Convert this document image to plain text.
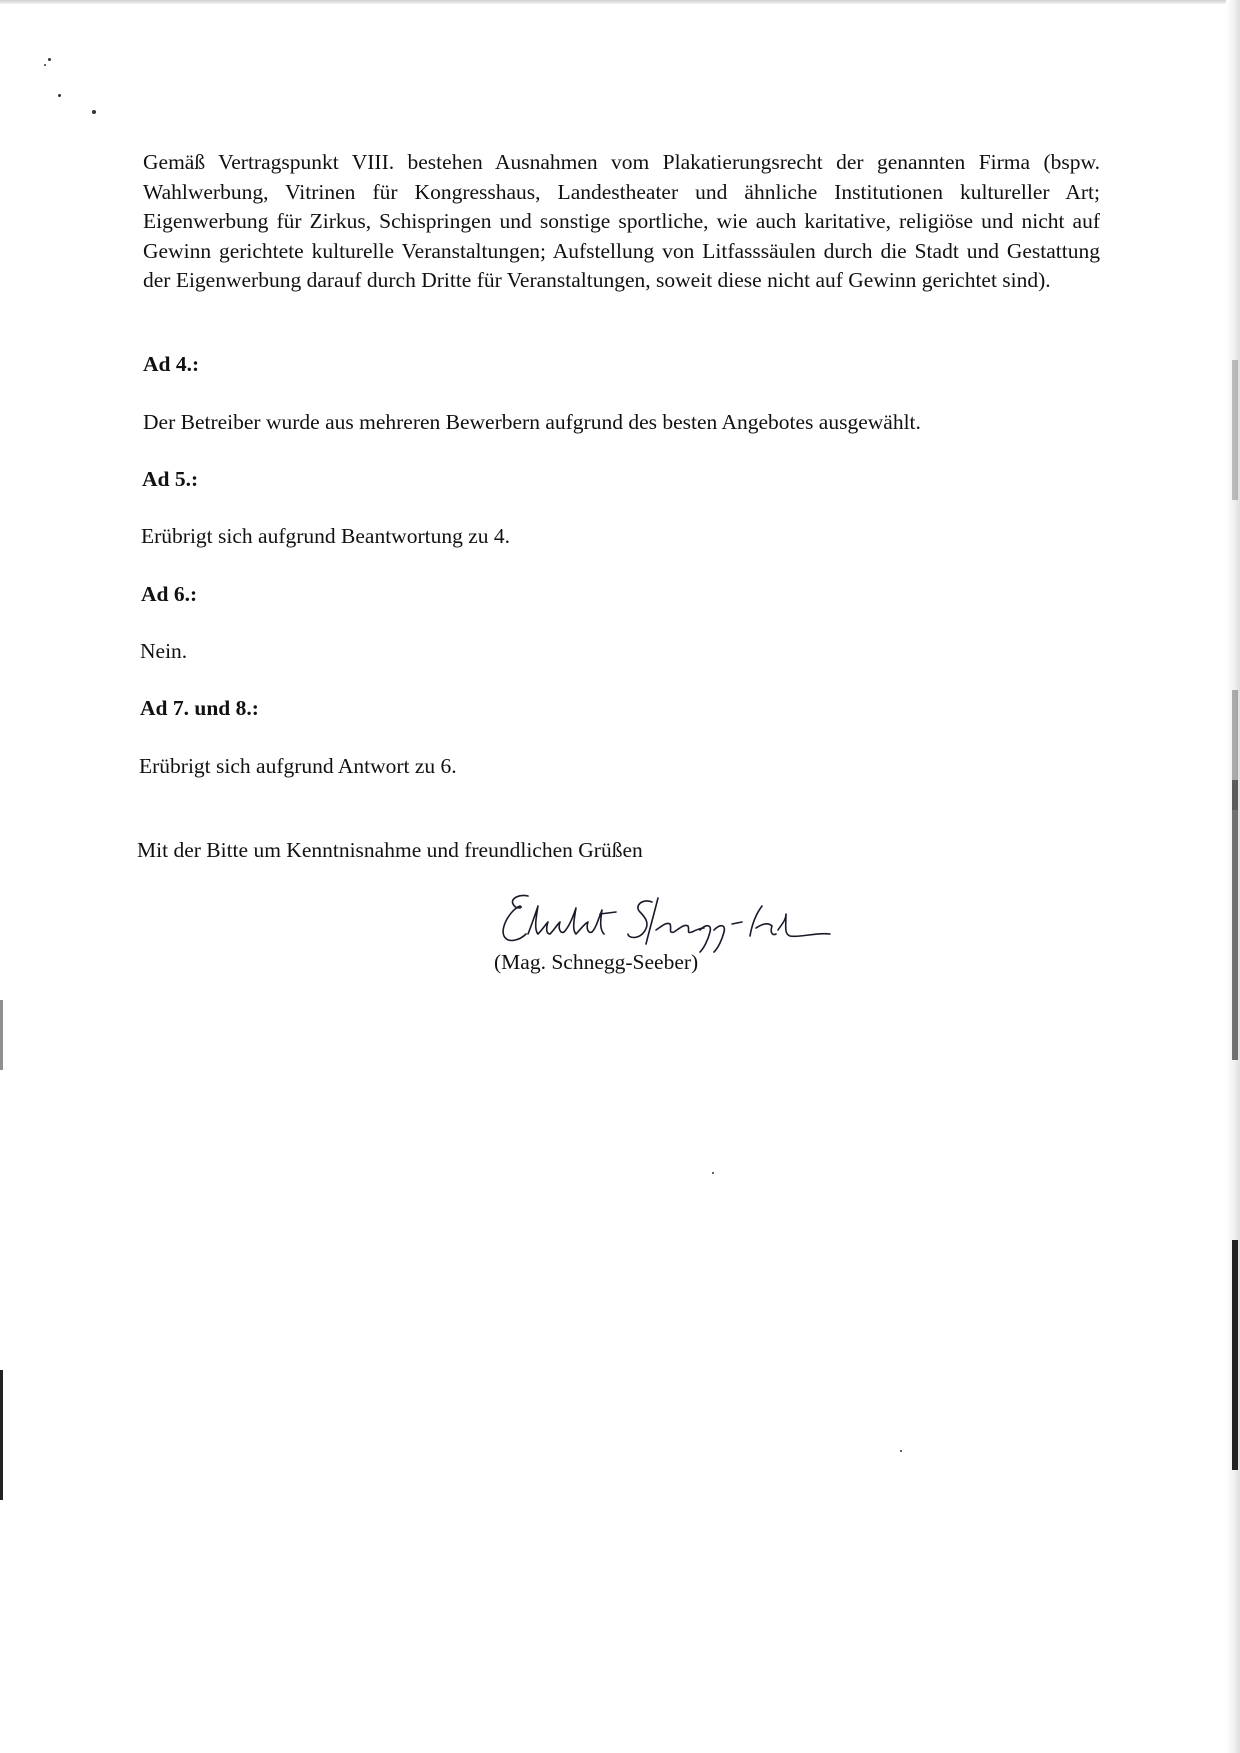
Gemäß Vertragspunkt VIII. bestehen Ausnahmen vom Plakatierungsrecht der genannten Firma (bspw. Wahlwerbung, Vitrinen für Kongresshaus, Landestheater und ähnliche Institutionen kultureller Art; Eigenwerbung für Zirkus, Schispringen und sonstige sportliche, wie auch karitative, religiöse und nicht auf Gewinn gerichtete kulturelle Veranstaltungen; Aufstellung von Litfasssäulen durch die Stadt und Gestattung der Eigenwerbung darauf durch Dritte für Veranstaltungen, soweit diese nicht auf Gewinn gerichtet sind).
Ad 4.:
Der Betreiber wurde aus mehreren Bewerbern aufgrund des besten Angebotes ausgewählt.
Ad 5.:
Erübrigt sich aufgrund Beantwortung zu 4.
Ad 6.:
Nein.
Ad 7. und 8.:
Erübrigt sich aufgrund Antwort zu 6.
Mit der Bitte um Kenntnisnahme und freundlichen Grüßen
(Mag. Schnegg-Seeber)
